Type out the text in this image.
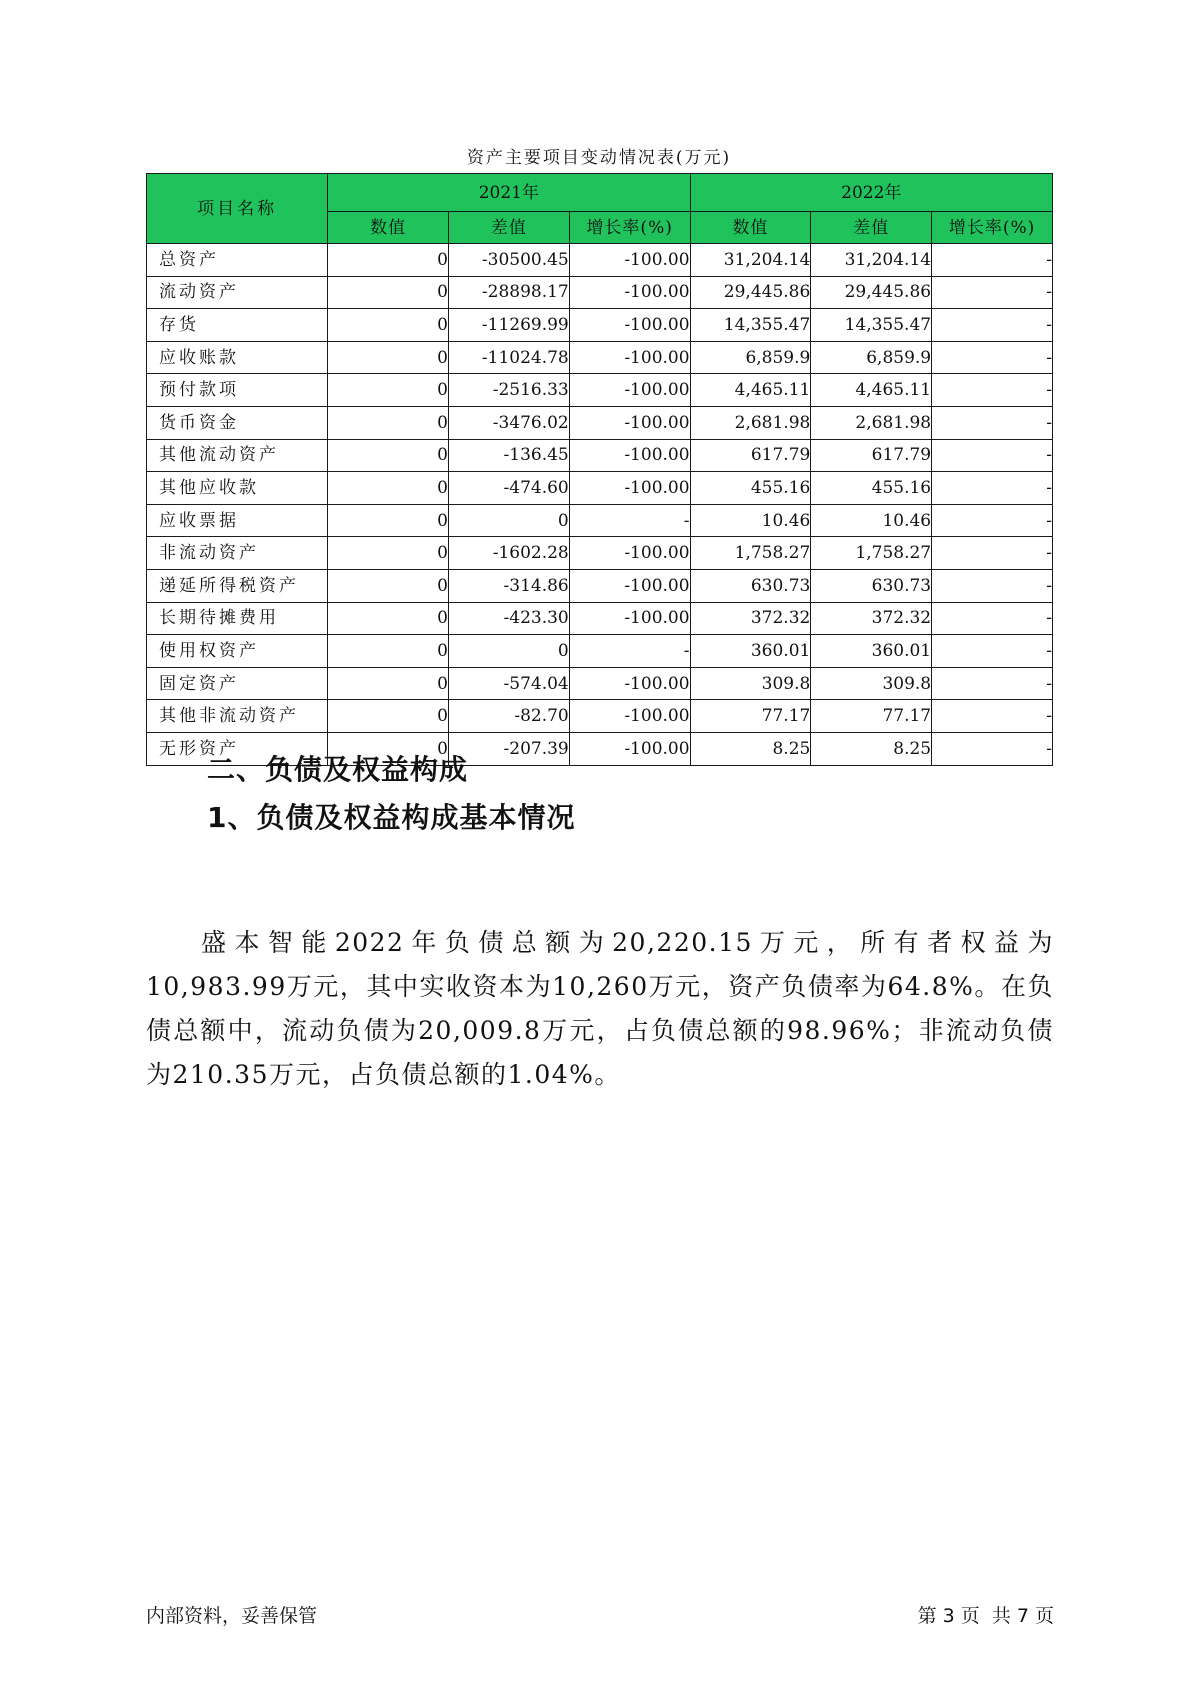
资产主要项目变动情况表(万元)
项目名称	2021年			2022年		
	数值	差值	增长率(%)	数值	差值	增长率(%)
总资产	0	-30500.45	-100.00	31,204.14	31,204.14	-
流动资产	0	-28898.17	-100.00	29,445.86	29,445.86	-
存货	0	-11269.99	-100.00	14,355.47	14,355.47	-
应收账款	0	-11024.78	-100.00	6,859.9	6,859.9	-
预付款项	0	-2516.33	-100.00	4,465.11	4,465.11	-
货币资金	0	-3476.02	-100.00	2,681.98	2,681.98	-
其他流动资产	0	-136.45	-100.00	617.79	617.79	-
其他应收款	0	-474.60	-100.00	455.16	455.16	-
应收票据	0	0	-	10.46	10.46	-
非流动资产	0	-1602.28	-100.00	1,758.27	1,758.27	-
递延所得税资产	0	-314.86	-100.00	630.73	630.73	-
长期待摊费用	0	-423.30	-100.00	372.32	372.32	-
使用权资产	0	0	-	360.01	360.01	-
固定资产	0	-574.04	-100.00	309.8	309.8	-
其他非流动资产	0	-82.70	-100.00	77.17	77.17	-
无形资产	0	-207.39	-100.00	8.25	8.25	-
二、负债及权益构成
1、负债及权益构成基本情况

盛本智能2022年负债总额为20,220.15万元，所有者权益为10,983.99万元，其中实收资本为10,260万元，资产负债率为64.8%。在负债总额中，流动负债为20,009.8万元，占负债总额的98.96%；非流动负债为210.35万元，占负债总额的1.04%。

内部资料，妥善保管	第 3 页  共 7 页
